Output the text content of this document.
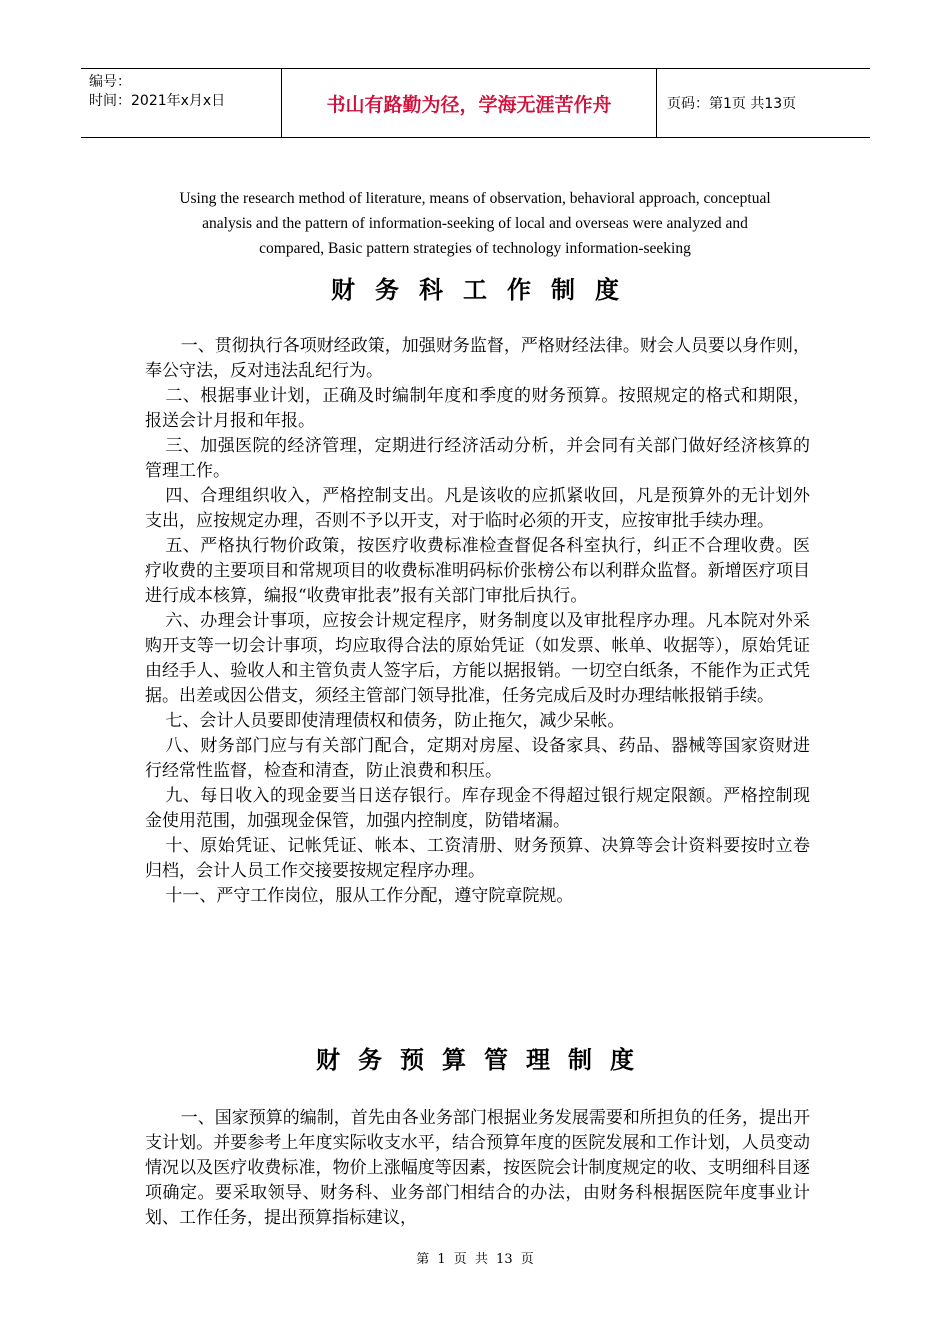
编号：
时间：2021年x月x日	书山有路勤为径，学海无涯苦作舟	页码：第1页 共13页
Using the research method of literature, means of observation, behavioral approach, conceptual
analysis and the pattern of information-seeking of local and overseas were analyzed and
compared, Basic pattern strategies of technology information-seeking
财务科工作制度

一、贯彻执行各项财经政策，加强财务监督，严格财经法律。财会人员要以身作则，奉公守法，反对违法乱纪行为。

二、根据事业计划，正确及时编制年度和季度的财务预算。按照规定的格式和期限，报送会计月报和年报。

三、加强医院的经济管理，定期进行经济活动分析，并会同有关部门做好经济核算的管理工作。

四、合理组织收入，严格控制支出。凡是该收的应抓紧收回，凡是预算外的无计划外支出，应按规定办理，否则不予以开支，对于临时必须的开支，应按审批手续办理。

五、严格执行物价政策，按医疗收费标准检查督促各科室执行，纠正不合理收费。医疗收费的主要项目和常规项目的收费标准明码标价张榜公布以利群众监督。新增医疗项目进行成本核算，编报“收费审批表”报有关部门审批后执行。

六、办理会计事项，应按会计规定程序，财务制度以及审批程序办理。凡本院对外采购开支等一切会计事项，均应取得合法的原始凭证（如发票、帐单、收据等），原始凭证由经手人、验收人和主管负责人签字后，方能以据报销。一切空白纸条，不能作为正式凭据。出差或因公借支，须经主管部门领导批准，任务完成后及时办理结帐报销手续。

七、会计人员要即使清理债权和债务，防止拖欠，减少呆帐。

八、财务部门应与有关部门配合，定期对房屋、设备家具、药品、器械等国家资财进行经常性监督，检查和清查，防止浪费和积压。

九、每日收入的现金要当日送存银行。库存现金不得超过银行规定限额。严格控制现金使用范围，加强现金保管，加强内控制度，防错堵漏。

十、原始凭证、记帐凭证、帐本、工资清册、财务预算、决算等会计资料要按时立卷归档，会计人员工作交接要按规定程序办理。

十一、严守工作岗位，服从工作分配，遵守院章院规。

财务预算管理制度

一、国家预算的编制，首先由各业务部门根据业务发展需要和所担负的任务，提出开支计划。并要参考上年度实际收支水平，结合预算年度的医院发展和工作计划，人员变动情况以及医疗收费标准，物价上涨幅度等因素，按医院会计制度规定的收、支明细科目逐项确定。要采取领导、财务科、业务部门相结合的办法，由财务科根据医院年度事业计划、工作任务，提出预算指标建议，

第 1 页 共 13 页
